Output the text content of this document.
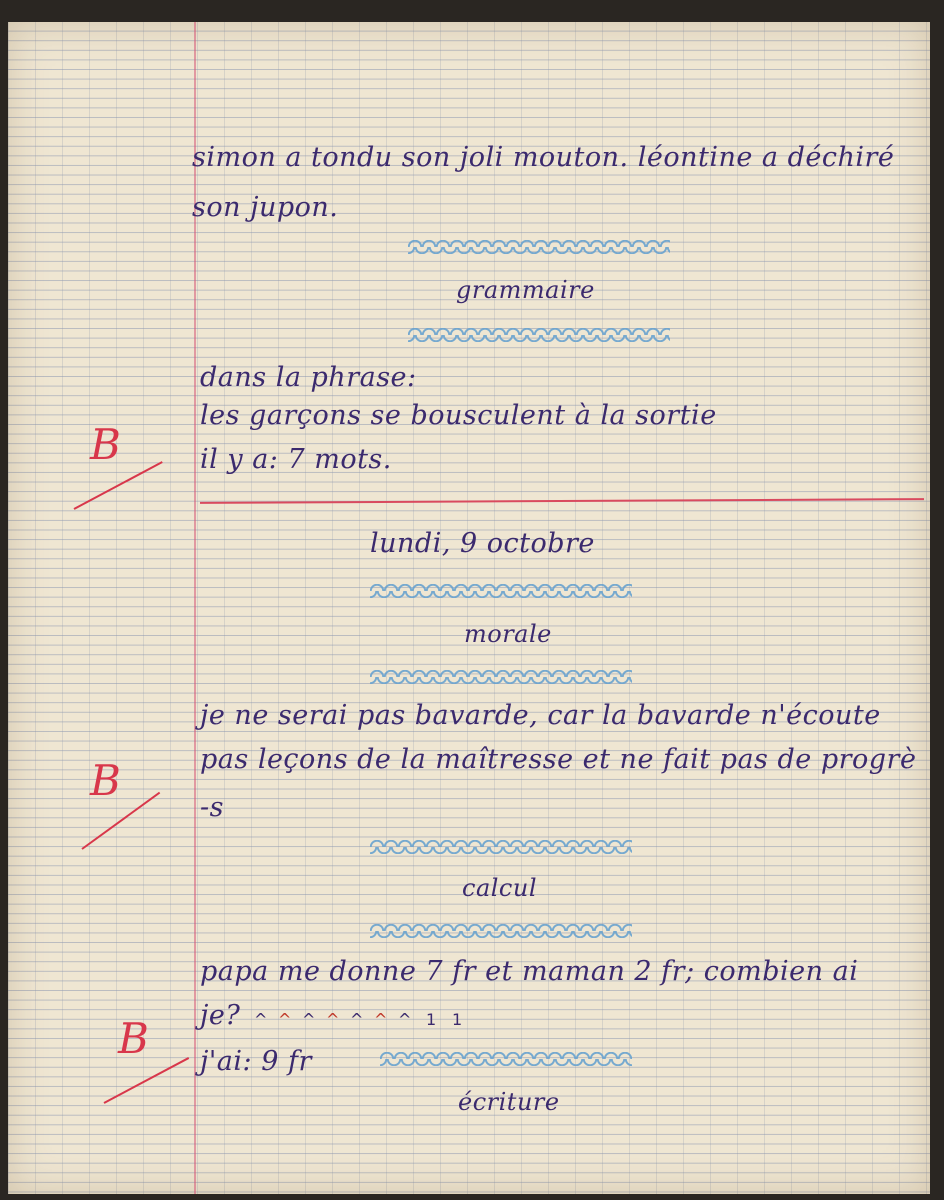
simon a tondu son joli mouton. léontine a déchiré
son jupon.
grammaire
dans la phrase:
les garçons se bousculent à la sortie
il y a: 7 mots.
B
lundi, 9 octobre
morale
je ne serai pas bavarde, car la bavarde n'écoute
pas leçons de la maîtresse et ne fait pas de progrè
-s
B
calcul
papa me donne 7 fr et maman 2 fr; combien ai
je? ^ ^ ^ ^ ^ ^ ^ 1 1
j'ai: 9 fr
B
écriture
